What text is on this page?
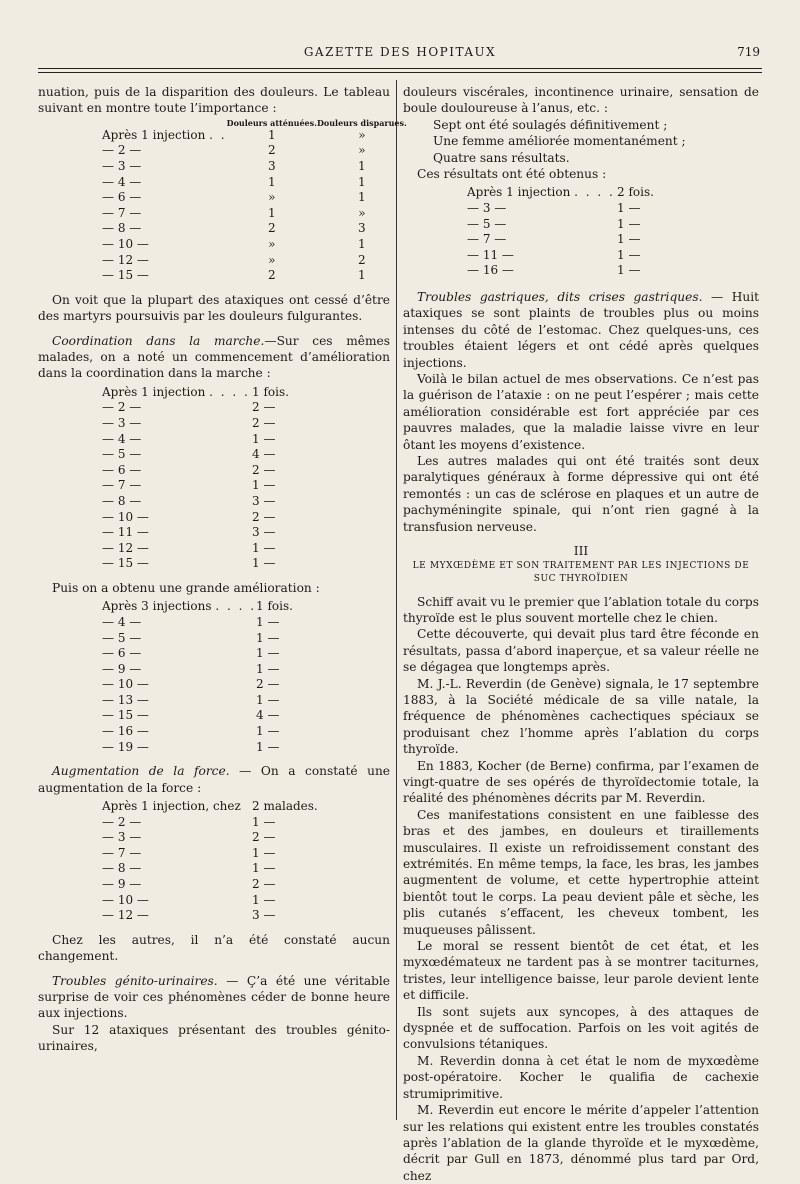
GAZETTE DES HOPITAUX	719

nuation, puis de la disparition des douleurs. Le tableau suivant en montre toute l’importance :

	Douleurs atténuées.	Douleurs disparues.
Après 1 injection . .	1	»
— 2 —	2	»
— 3 —	3	1
— 4 —	1	1
— 6 —	»	1
— 7 —	1	»
— 8 —	2	3
— 10 —	»	1
— 12 —	»	2
— 15 —	2	1

On voit que la plupart des ataxiques ont cessé d’être des martyrs poursuivis par les douleurs fulgurantes.

Coordination dans la marche.—Sur ces mêmes malades, on a noté un commencement d’amélioration dans la coordination dans la marche :

Après 1 injection . . . .	1 fois.
— 2 —	2 —
— 3 —	2 —
— 4 —	1 —
— 5 —	4 —
— 6 —	2 —
— 7 —	1 —
— 8 —	3 —
— 10 —	2 —
— 11 —	3 —
— 12 —	1 —
— 15 —	1 —

Puis on a obtenu une grande amélioration :

Après 3 injections . . . .	1 fois.
— 4 —	1 —
— 5 —	1 —
— 6 —	1 —
— 9 —	1 —
— 10 —	2 —
— 13 —	1 —
— 15 —	4 —
— 16 —	1 —
— 19 —	1 —

Augmentation de la force. — On a constaté une augmentation de la force :

Après 1 injection, chez	2 malades.
— 2 —	1 —
— 3 —	2 —
— 7 —	1 —
— 8 —	1 —
— 9 —	2 —
— 10 —	1 —
— 12 —	3 —

Chez les autres, il n’a été constaté aucun changement.

Troubles génito-urinaires. — Ç’a été une véritable surprise de voir ces phénomènes céder de bonne heure aux injections.

Sur 12 ataxiques présentant des troubles génito-urinaires,

douleurs viscérales, incontinence urinaire, sensation de boule douloureuse à l’anus, etc. :

Sept ont été soulagés définitivement ;
Une femme améliorée momentanément ;
Quatre sans résultats.

Ces résultats ont été obtenus :

Après 1 injection . . . .	2 fois.
— 3 —	1 —
— 5 —	1 —
— 7 —	1 —
— 11 —	1 —
— 16 —	1 —

Troubles gastriques, dits crises gastriques. — Huit ataxiques se sont plaints de troubles plus ou moins intenses du côté de l’estomac. Chez quelques-uns, ces troubles étaient légers et ont cédé après quelques injections.

Voilà le bilan actuel de mes observations. Ce n’est pas la guérison de l’ataxie : on ne peut l’espérer ; mais cette amélioration considérable est fort appréciée par ces pauvres malades, que la maladie laisse vivre en leur ôtant les moyens d’existence.

Les autres malades qui ont été traités sont deux paralytiques généraux à forme dépressive qui ont été remontés : un cas de sclérose en plaques et un autre de pachyméningite spinale, qui n’ont rien gagné à la transfusion nerveuse.

III

LE MYXŒDÈME ET SON TRAITEMENT PAR LES INJECTIONS DE SUC THYROÏDIEN

Schiff avait vu le premier que l’ablation totale du corps thyroïde est le plus souvent mortelle chez le chien.

Cette découverte, qui devait plus tard être féconde en résultats, passa d’abord inaperçue, et sa valeur réelle ne se dégagea que longtemps après.

M. J.-L. Reverdin (de Genève) signala, le 17 septembre 1883, à la Société médicale de sa ville natale, la fréquence de phénomènes cachectiques spéciaux se produisant chez l’homme après l’ablation du corps thyroïde.

En 1883, Kocher (de Berne) confirma, par l’examen de vingt-quatre de ses opérés de thyroïdectomie totale, la réalité des phénomènes décrits par M. Reverdin.

Ces manifestations consistent en une faiblesse des bras et des jambes, en douleurs et tiraillements musculaires. Il existe un refroidissement constant des extrémités. En même temps, la face, les bras, les jambes augmentent de volume, et cette hypertrophie atteint bientôt tout le corps. La peau devient pâle et sèche, les plis cutanés s’effacent, les cheveux tombent, les muqueuses pâlissent.

Le moral se ressent bientôt de cet état, et les myxœdémateux ne tardent pas à se montrer taciturnes, tristes, leur intelligence baisse, leur parole devient lente et difficile.

Ils sont sujets aux syncopes, à des attaques de dyspnée et de suffocation. Parfois on les voit agités de convulsions tétaniques.

M. Reverdin donna à cet état le nom de myxœdème post-opératoire. Kocher le qualifia de cachexie strumiprimitive.

M. Reverdin eut encore le mérite d’appeler l’attention sur les relations qui existent entre les troubles constatés après l’ablation de la glande thyroïde et le myxœdème, décrit par Gull en 1873, dénommé plus tard par Ord, chez
